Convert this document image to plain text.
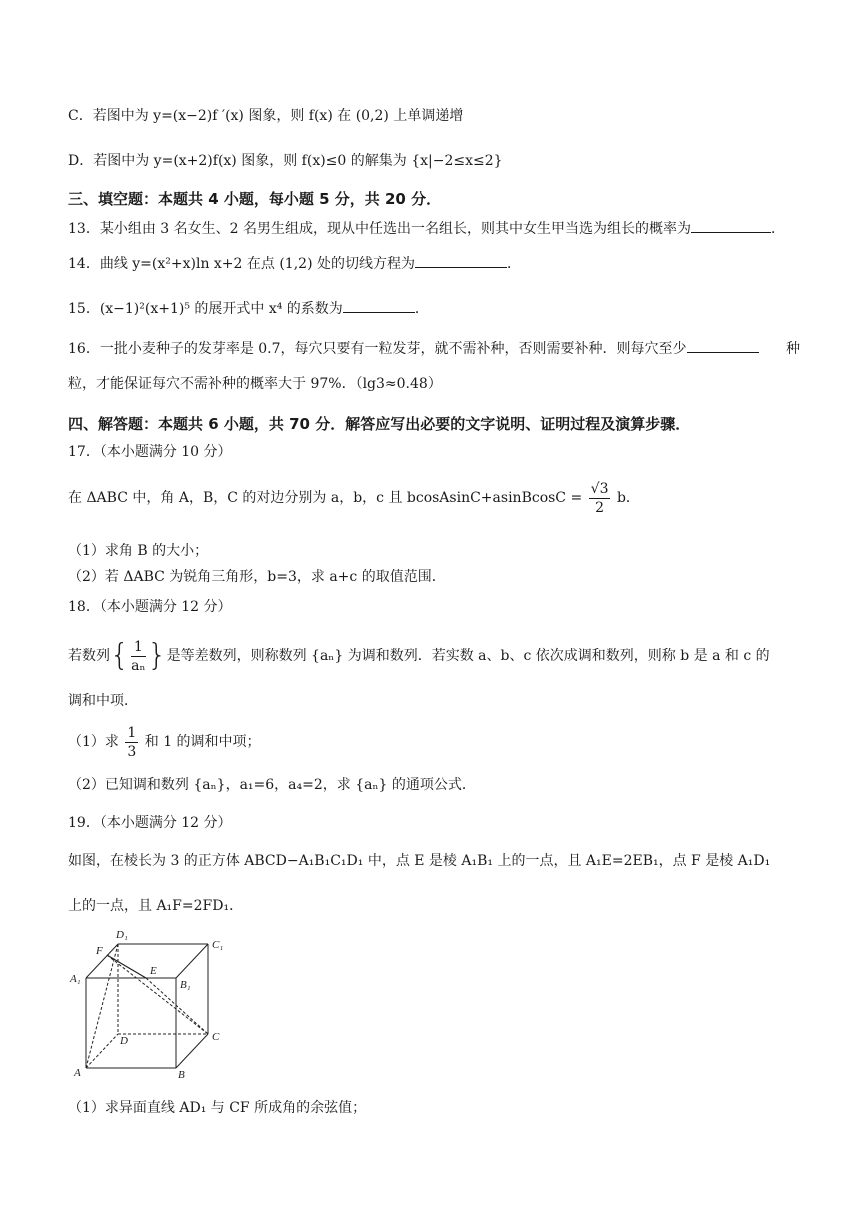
C．若图中为 y=(x−2)f ′(x) 图象，则 f(x) 在 (0,2) 上单调递增
D．若图中为 y=(x+2)f(x) 图象，则 f(x)≤0 的解集为 {x|−2≤x≤2}
三、填空题：本题共 4 小题，每小题 5 分，共 20 分．
13．某小组由 3 名女生、2 名男生组成，现从中任选出一名组长，则其中女生甲当选为组长的概率为	．
14．曲线 y=(x²+x)ln x+2 在点 (1,2) 处的切线方程为	．
15．(x−1)²(x+1)⁵ 的展开式中 x⁴ 的系数为	．
16．一批小麦种子的发芽率是 0.7，每穴只要有一粒发芽，就不需补种，否则需要补种．则每穴至少	种
粒，才能保证每穴不需补种的概率大于 97%．（lg3≈0.48）
四、解答题：本题共 6 小题，共 70 分．解答应写出必要的文字说明、证明过程及演算步骤．
17．（本小题满分 10 分）
在 ΔABC 中，角 A，B，C 的对边分别为 a，b，c 且 bcosAsinC+asinBcosC = $\frac{√3}{2}$ b．
（1）求角 B 的大小；
（2）若 ΔABC 为锐角三角形，b=3，求 a+c 的取值范围．
18．（本小题满分 12 分）
若数列{ $\frac{1}{\text{aₙ}}$ }是等差数列，则称数列 {aₙ} 为调和数列．若实数 a、b、c 依次成调和数列，则称 b 是 a 和 c 的
调和中项．
（1）求 $\frac{1}{3}$ 和 1 的调和中项；
（2）已知调和数列 {aₙ}，a₁=6，a₄=2，求 {aₙ} 的通项公式．
19．（本小题满分 12 分）
如图，在棱长为 3 的正方体 ABCD−A₁B₁C₁D₁ 中，点 E 是棱 A₁B₁ 上的一点，且 A₁E=2EB₁，点 F 是棱 A₁D₁
上的一点，且 A₁F=2FD₁．
A	B
C
D
A₁	B₁
C₁
D₁
E
F
（1）求异面直线 AD₁ 与 CF 所成角的余弦值；
